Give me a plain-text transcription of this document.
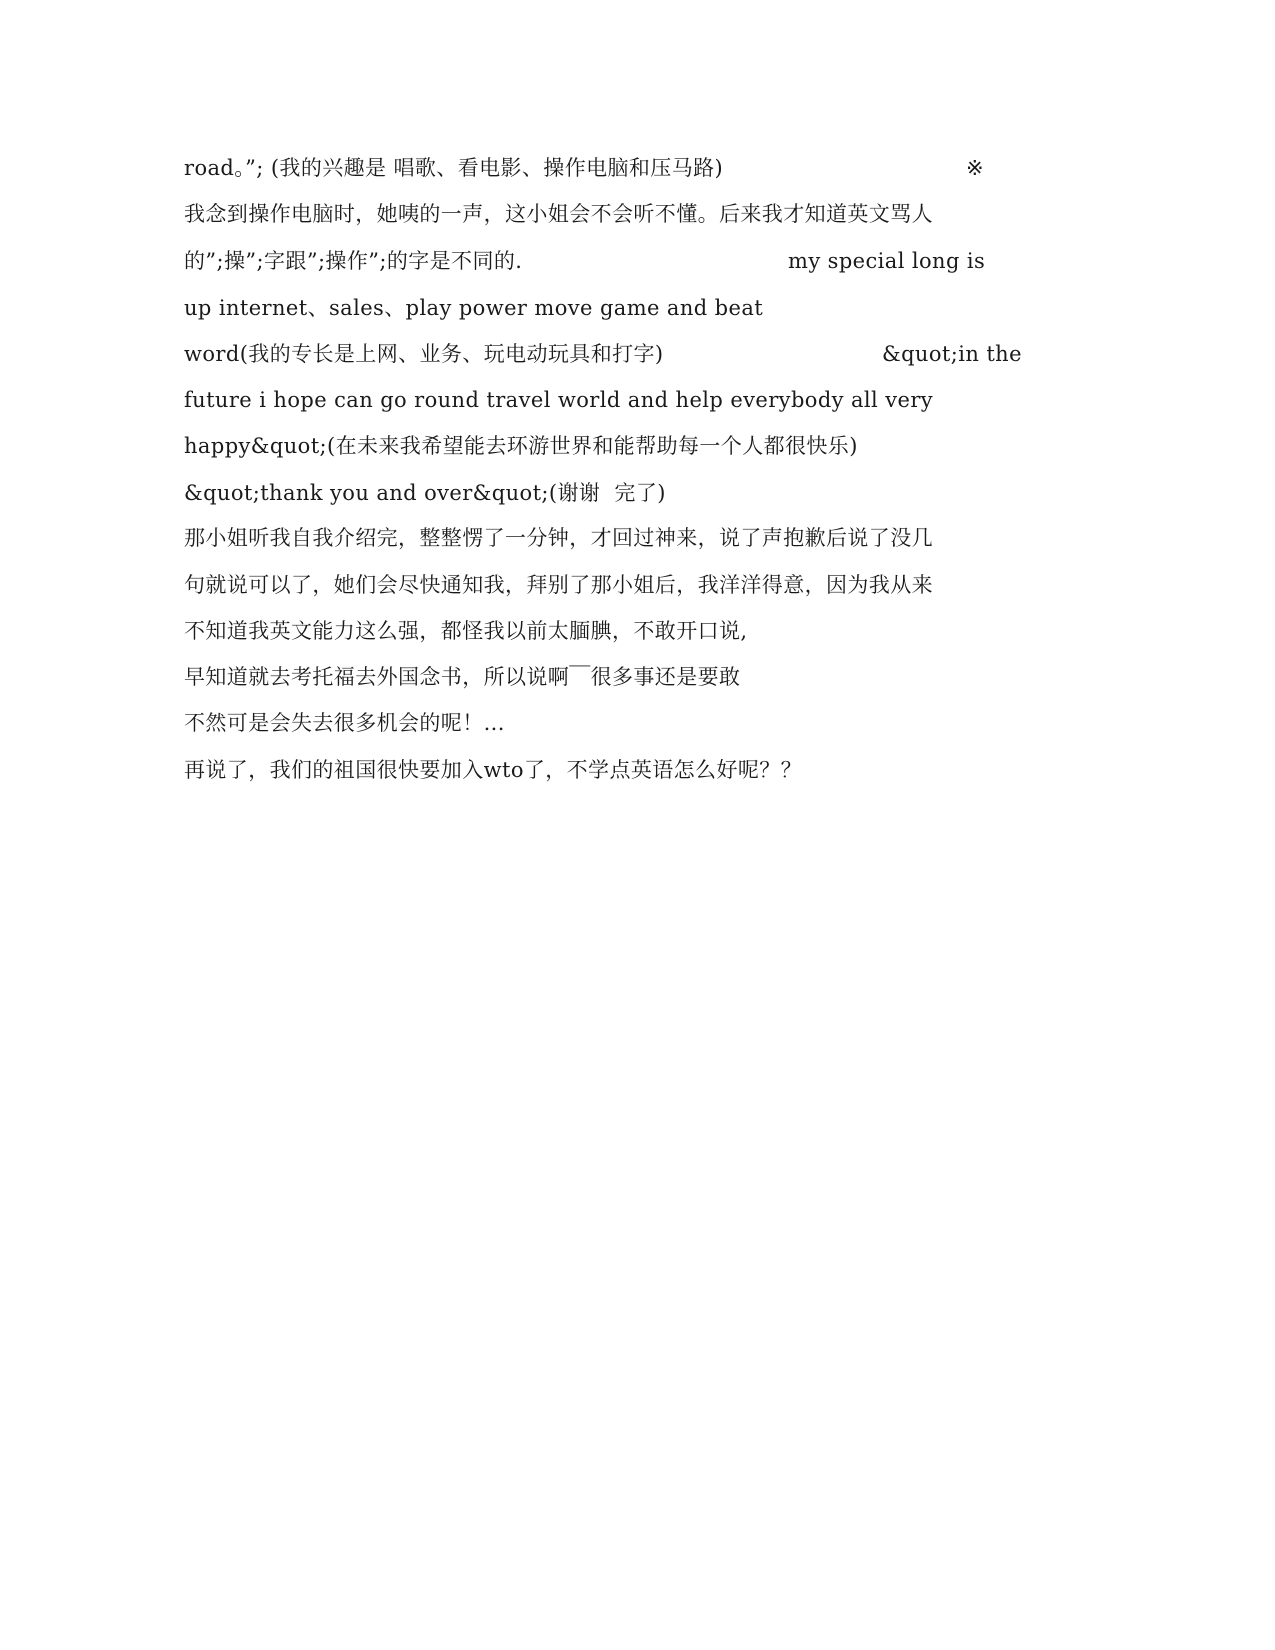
road。”; (我的兴趣是 唱歌、看电影、操作电脑和压马路)	※
我念到操作电脑时，她咦的一声，这小姐会不会听不懂。后来我才知道英文骂人
的”;操”;字跟”;操作”;的字是不同的.	my special long is
up internet、sales、play power move game and beat
word(我的专长是上网、业务、玩电动玩具和打字)	&quot;in the
future i hope can go round travel world and help everybody all very
happy&quot;(在未来我希望能去环游世界和能帮助每一个人都很快乐)
&quot;thank you and over&quot;(谢谢  完了)
那小姐听我自我介绍完，整整愣了一分钟，才回过神来，说了声抱歉后说了没几
句就说可以了，她们会尽快通知我，拜别了那小姐后，我洋洋得意，因为我从来
不知道我英文能力这么强，都怪我以前太腼腆，不敢开口说,
早知道就去考托福去外国念书，所以说啊￣很多事还是要敢
不然可是会失去很多机会的呢！...
再说了，我们的祖国很快要加入wto了，不学点英语怎么好呢？？
